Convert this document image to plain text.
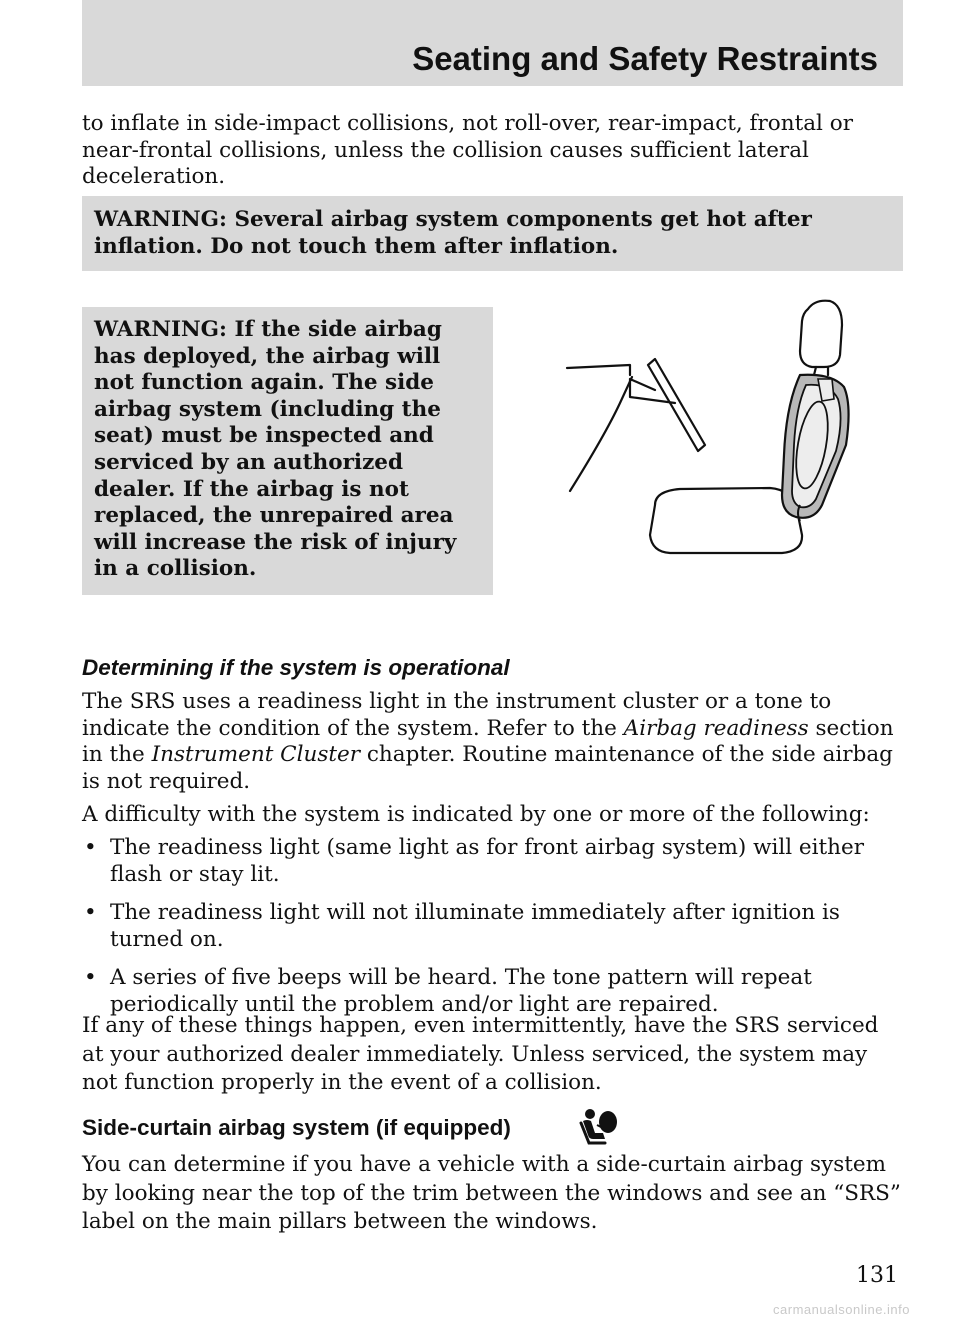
Seating and Safety Restraints

to inflate in side-impact collisions, not roll-over, rear-impact, frontal or near-frontal collisions, unless the collision causes sufficient lateral deceleration.

WARNING: Several airbag system components get hot after inflation. Do not touch them after inflation.

WARNING: If the side airbag has deployed, the airbag will not function again. The side airbag system (including the seat) must be inspected and serviced by an authorized dealer. If the airbag is not replaced, the unrepaired area will increase the risk of injury in a collision.

Determining if the system is operational

The SRS uses a readiness light in the instrument cluster or a tone to indicate the condition of the system. Refer to the Airbag readiness section in the Instrument Cluster chapter. Routine maintenance of the side airbag is not required.

A difficulty with the system is indicated by one or more of the following:

• The readiness light (same light as for front airbag system) will either flash or stay lit.
• The readiness light will not illuminate immediately after ignition is turned on.
• A series of five beeps will be heard. The tone pattern will repeat periodically until the problem and/or light are repaired.

If any of these things happen, even intermittently, have the SRS serviced at your authorized dealer immediately. Unless serviced, the system may not function properly in the event of a collision.

Side-curtain airbag system (if equipped)

You can determine if you have a vehicle with a side-curtain airbag system by looking near the top of the trim between the windows and see an “SRS” label on the main pillars between the windows.

131
carmanualsonline.info
